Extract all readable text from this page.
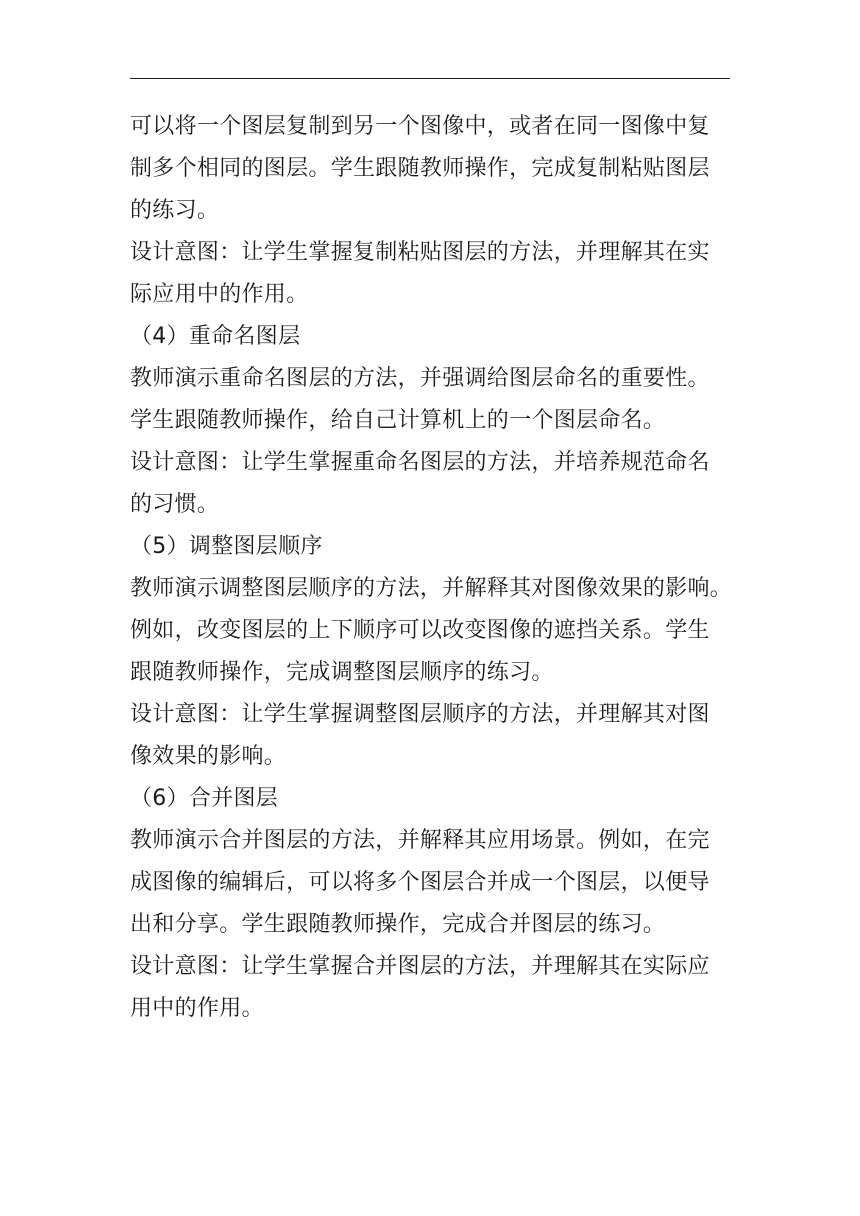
可以将一个图层复制到另一个图像中，或者在同一图像中复
制多个相同的图层。学生跟随教师操作，完成复制粘贴图层
的练习。
设计意图：让学生掌握复制粘贴图层的方法，并理解其在实
际应用中的作用。
（4）重命名图层
教师演示重命名图层的方法，并强调给图层命名的重要性。
学生跟随教师操作，给自己计算机上的一个图层命名。
设计意图：让学生掌握重命名图层的方法，并培养规范命名
的习惯。
（5）调整图层顺序
教师演示调整图层顺序的方法，并解释其对图像效果的影响。
例如，改变图层的上下顺序可以改变图像的遮挡关系。学生
跟随教师操作，完成调整图层顺序的练习。
设计意图：让学生掌握调整图层顺序的方法，并理解其对图
像效果的影响。
（6）合并图层
教师演示合并图层的方法，并解释其应用场景。例如，在完
成图像的编辑后，可以将多个图层合并成一个图层，以便导
出和分享。学生跟随教师操作，完成合并图层的练习。
设计意图：让学生掌握合并图层的方法，并理解其在实际应
用中的作用。
